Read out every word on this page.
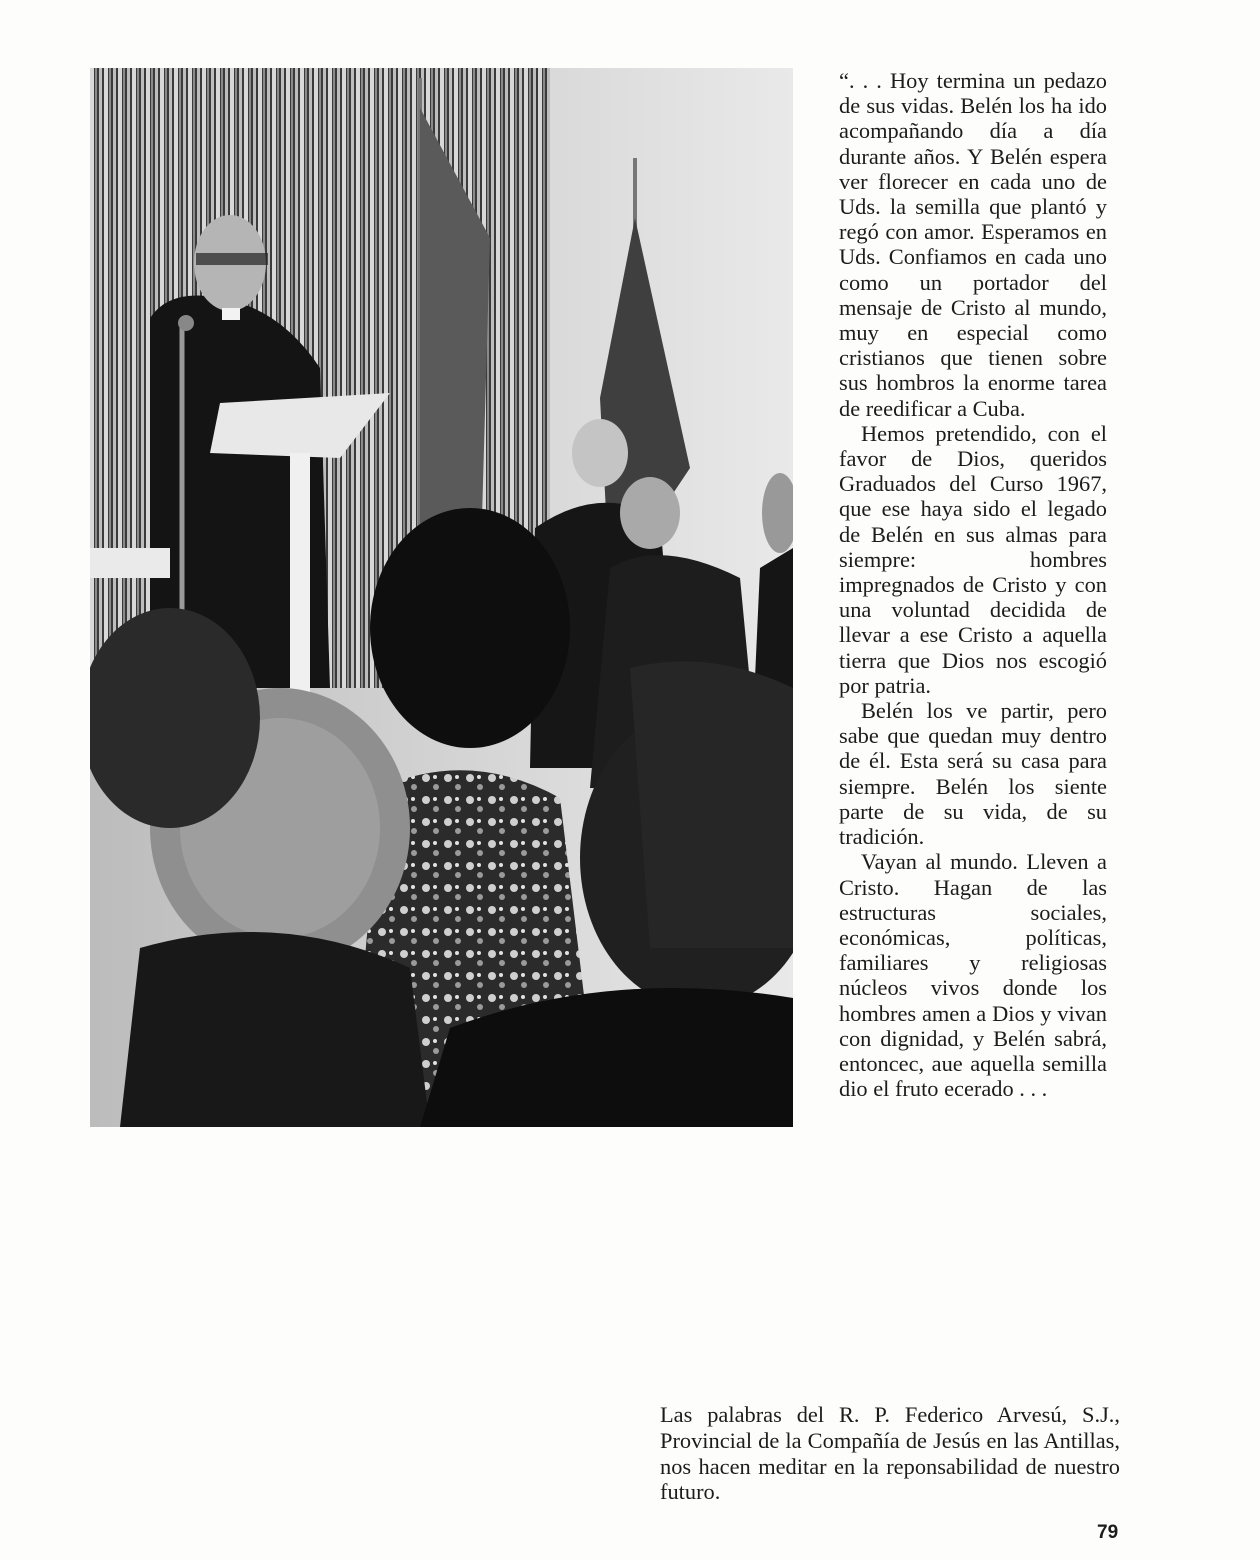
“. . . Hoy termina un pedazo de sus vidas. Belén los ha ido acompañando día a día durante años. Y Belén espera ver florecer en cada uno de Uds. la semilla que plantó y regó con amor. Esperamos en Uds. Confiamos en cada uno como un portador del mensaje de Cristo al mundo, muy en especial como cristianos que tienen sobre sus hombros la enorme tarea de reedificar a Cuba.

Hemos pretendido, con el favor de Dios, queridos Graduados del Curso 1967, que ese haya sido el legado de Belén en sus almas para siempre: hombres impregnados de Cristo y con una voluntad decidida de llevar a ese Cristo a aquella tierra que Dios nos escogió por patria.

Belén los ve partir, pero sabe que quedan muy dentro de él. Esta será su casa para siempre. Belén los siente parte de su vida, de su tradición.

Vayan al mundo. Lleven a Cristo. Hagan de las estructuras sociales, económicas, políticas, familiares y religiosas núcleos vivos donde los hombres amen a Dios y vivan con dignidad, y Belén sabrá, entoncec, aue aquella semilla dio el fruto ecerado . . .

Las palabras del R. P. Federico Arvesú, S.J., Provincial de la Compañía de Jesús en las Antillas, nos hacen meditar en la reponsabilidad de nuestro futuro.

79
